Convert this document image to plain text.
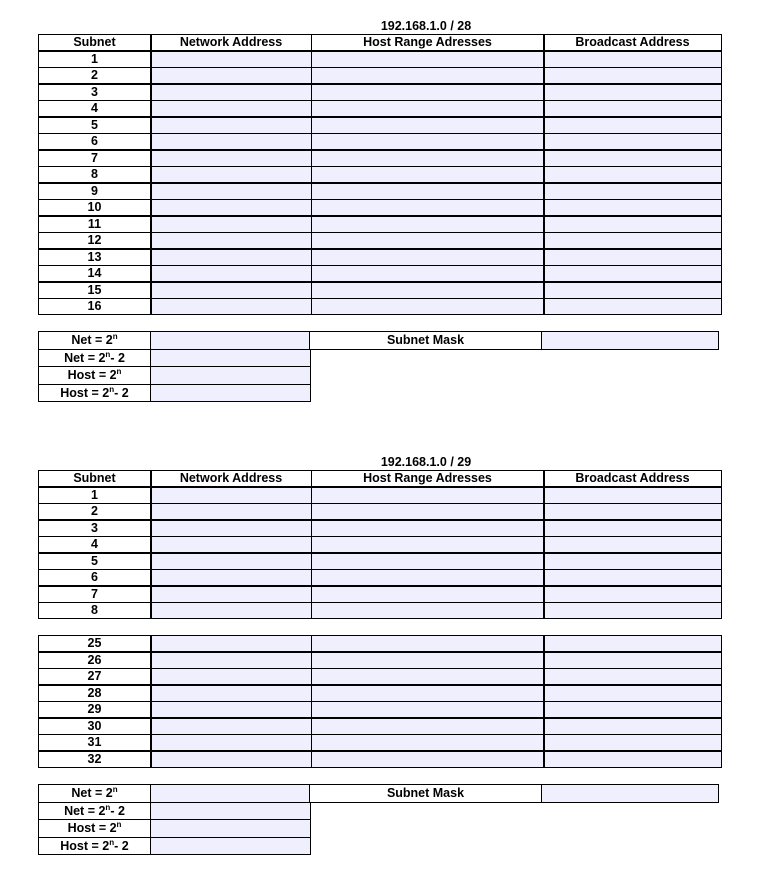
192.168.1.0 / 28
Subnet	Network Address	Host Range Adresses	Broadcast Address
1
2
3
4
5
6
7
8
9
10
11
12
13
14
15
16
Net = $2^n$	Subnet Mask
Net = $2^n-$ 2
Host = $2^n$
Host = $2^n-$ 2
192.168.1.0 / 29
Subnet	Network Address	Host Range Adresses	Broadcast Address
1
2
3
4
5
6
7
8
25
26
27
28
29
30
31
32
Net = $2^n$	Subnet Mask
Net = $2^n-$ 2
Host = $2^n$
Host = $2^n-$ 2
